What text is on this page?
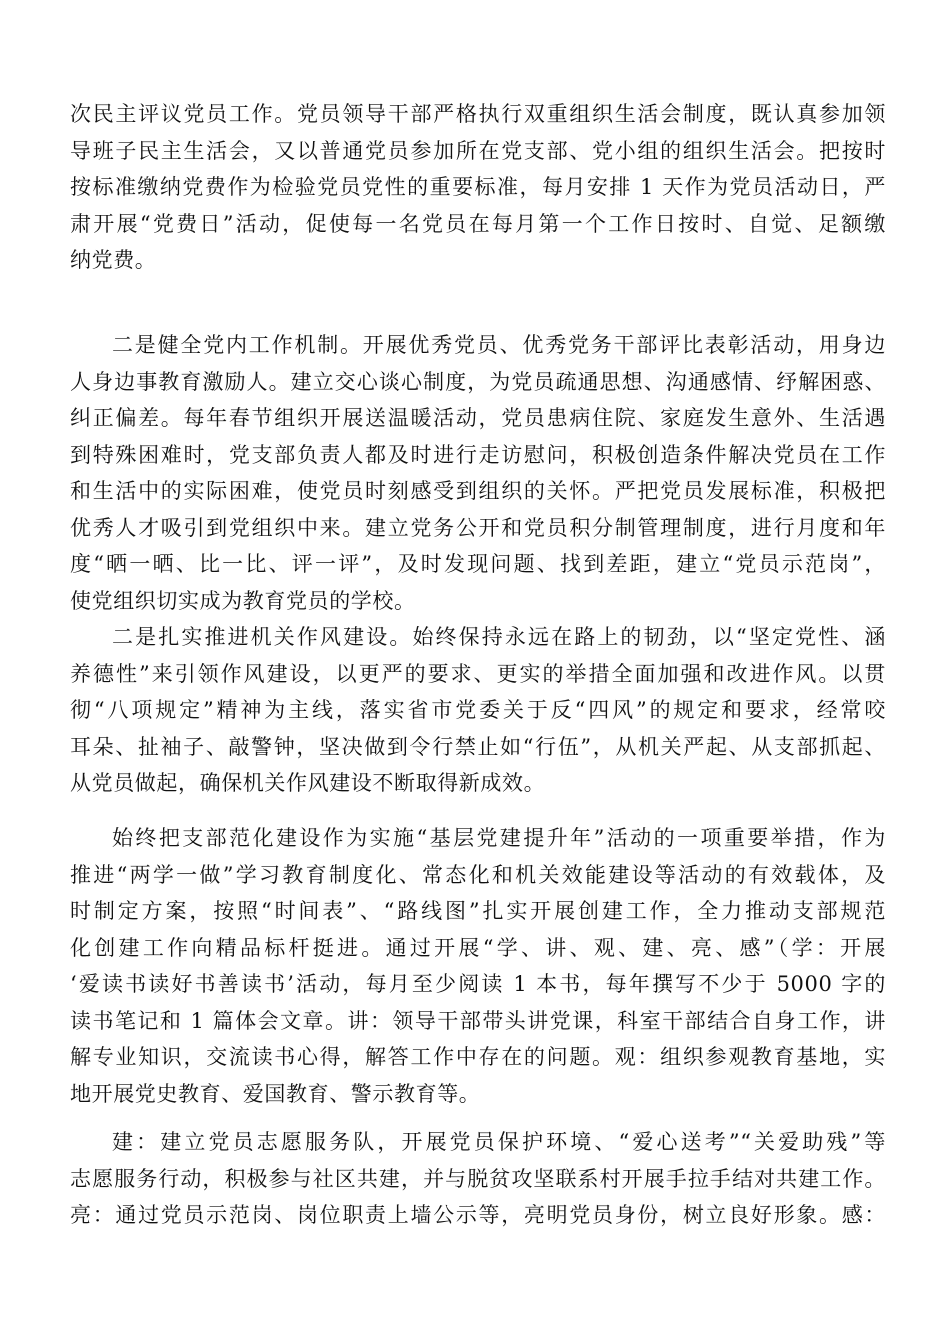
次民主评议党员工作。党员领导干部严格执行双重组织生活会制度，既认真参加领
导班子民主生活会，又以普通党员参加所在党支部、党小组的组织生活会。把按时
按标准缴纳党费作为检验党员党性的重要标准，每月安排 1 天作为党员活动日，严
肃开展“党费日”活动，促使每一名党员在每月第一个工作日按时、自觉、足额缴
纳党费。
二是健全党内工作机制。开展优秀党员、优秀党务干部评比表彰活动，用身边
人身边事教育激励人。建立交心谈心制度，为党员疏通思想、沟通感情、纾解困惑、
纠正偏差。每年春节组织开展送温暖活动，党员患病住院、家庭发生意外、生活遇
到特殊困难时，党支部负责人都及时进行走访慰问，积极创造条件解决党员在工作
和生活中的实际困难，使党员时刻感受到组织的关怀。严把党员发展标准，积极把
优秀人才吸引到党组织中来。建立党务公开和党员积分制管理制度，进行月度和年
度“晒一晒、比一比、评一评”，及时发现问题、找到差距，建立“党员示范岗”，
使党组织切实成为教育党员的学校。
二是扎实推进机关作风建设。始终保持永远在路上的韧劲，以“坚定党性、涵
养德性”来引领作风建设，以更严的要求、更实的举措全面加强和改进作风。以贯
彻“八项规定”精神为主线，落实省市党委关于反“四风”的规定和要求，经常咬
耳朵、扯袖子、敲警钟，坚决做到令行禁止如“行伍”，从机关严起、从支部抓起、
从党员做起，确保机关作风建设不断取得新成效。
始终把支部范化建设作为实施“基层党建提升年”活动的一项重要举措，作为
推进“两学一做”学习教育制度化、常态化和机关效能建设等活动的有效载体，及
时制定方案，按照“时间表”、“路线图”扎实开展创建工作，全力推动支部规范
化创建工作向精品标杆挺进。通过开展“学、讲、观、建、亮、感”（学：开展
‘爱读书读好书善读书’活动，每月至少阅读 1 本书，每年撰写不少于 5000 字的
读书笔记和 1 篇体会文章。讲：领导干部带头讲党课，科室干部结合自身工作，讲
解专业知识，交流读书心得，解答工作中存在的问题。观：组织参观教育基地，实
地开展党史教育、爱国教育、警示教育等。
建：建立党员志愿服务队，开展党员保护环境、“爱心送考”“关爱助残”等
志愿服务行动，积极参与社区共建，并与脱贫攻坚联系村开展手拉手结对共建工作。
亮：通过党员示范岗、岗位职责上墙公示等，亮明党员身份，树立良好形象。感：
